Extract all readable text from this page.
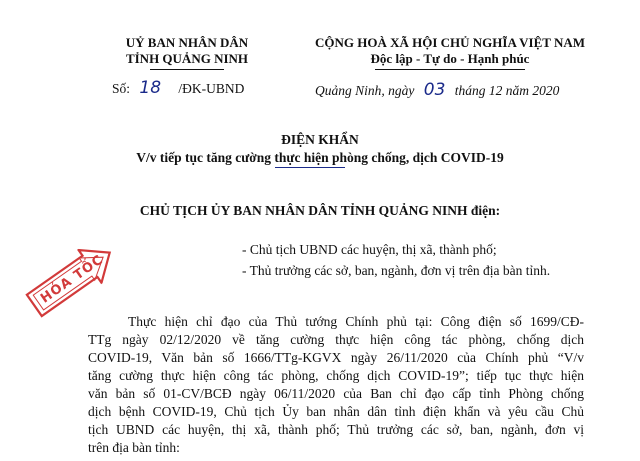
UỶ BAN NHÂN DÂN
TỈNH QUẢNG NINH
Số: 18 /ĐK-UBND
CỘNG HOÀ XÃ HỘI CHỦ NGHĨA VIỆT NAM
Độc lập - Tự do - Hạnh phúc
Quảng Ninh, ngày 03 tháng 12 năm 2020
ĐIỆN KHẨN
V/v tiếp tục tăng cường thực hiện phòng chống, dịch COVID-19
CHỦ TỊCH ỦY BAN NHÂN DÂN TỈNH QUẢNG NINH điện:
- Chủ tịch UBND các huyện, thị xã, thành phố;
- Thủ trưởng các sở, ban, ngành, đơn vị trên địa bàn tỉnh.
HỎA TỐC
Thực hiện chỉ đạo của Thủ tướng Chính phủ tại: Công điện số 1699/CĐ-
TTg ngày 02/12/2020 về tăng cường thực hiện công tác phòng, chống dịch
COVID-19, Văn bản số 1666/TTg-KGVX ngày 26/11/2020 của Chính phủ “V/v
tăng cường thực hiện công tác phòng, chống dịch COVID-19”; tiếp tục thực hiện
văn bản số 01-CV/BCĐ ngày 06/11/2020 của Ban chỉ đạo cấp tỉnh Phòng chống
dịch bệnh COVID-19, Chủ tịch Ủy ban nhân dân tỉnh điện khẩn và yêu cầu Chủ
tịch UBND các huyện, thị xã, thành phố; Thủ trưởng các sở, ban, ngành, đơn vị
trên địa bàn tỉnh:
